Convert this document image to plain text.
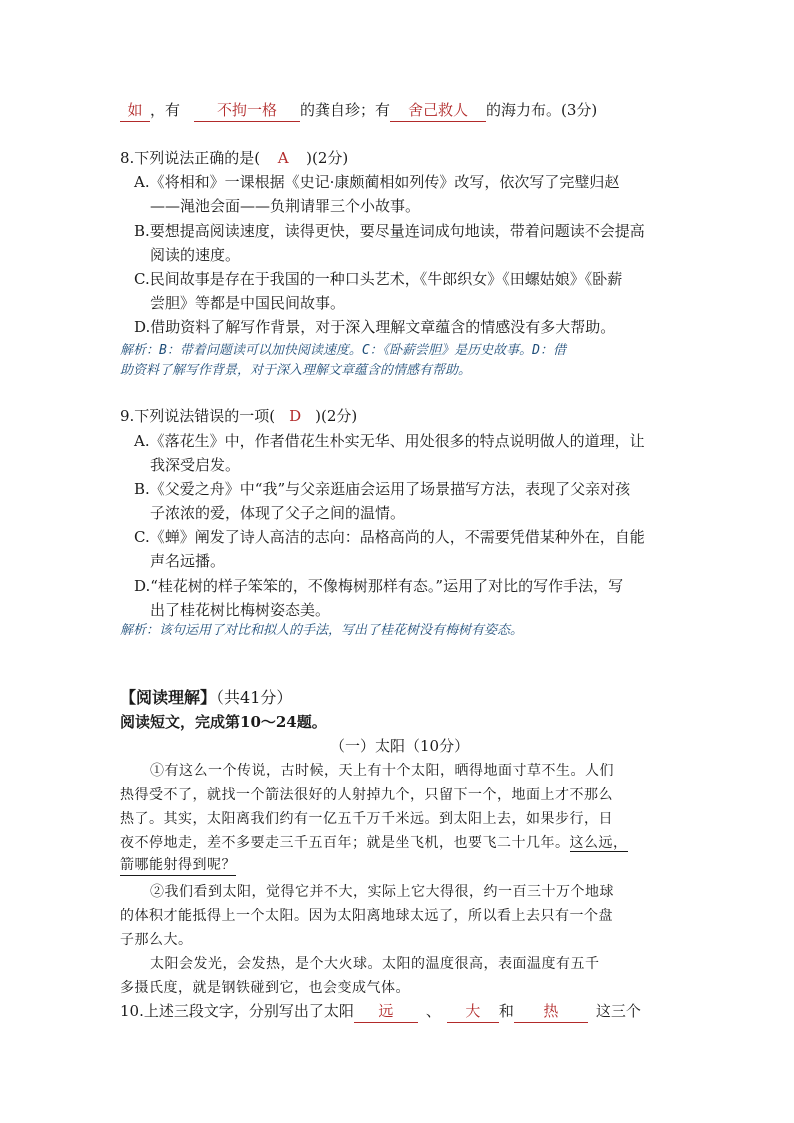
如 ，有 不拘一格 的龚自珍；有 舍己救人 的海力布。(3分)
8.下列说法正确的是( A )(2分)
A.《将相和》一课根据《史记·康颇蔺相如列传》改写，依次写了完璧归赵
——渑池会面——负荆请罪三个小故事。
B.要想提高阅读速度，读得更快，要尽量连词成句地读，带着问题读不会提高
阅读的速度。
C.民间故事是存在于我国的一种口头艺术，《牛郎织女》《田螺姑娘》《卧薪
尝胆》等都是中国民间故事。
D.借助资料了解写作背景，对于深入理解文章蕴含的情感没有多大帮助。
解析：B：带着问题读可以加快阅读速度。C：《卧薪尝胆》是历史故事。D：借
助资料了解写作背景，对于深入理解文章蕴含的情感有帮助。
9.下列说法错误的一项( D )(2分)
A.《落花生》中，作者借花生朴实无华、用处很多的特点说明做人的道理，让
我深受启发。
B.《父爱之舟》中“我”与父亲逛庙会运用了场景描写方法，表现了父亲对孩
子浓浓的爱，体现了父子之间的温情。
C.《蝉》阐发了诗人高洁的志向：品格高尚的人，不需要凭借某种外在，自能
声名远播。
D.“桂花树的样子笨笨的，不像梅树那样有态。”运用了对比的写作手法，写
出了桂花树比梅树姿态美。
解析：该句运用了对比和拟人的手法，写出了桂花树没有梅树有姿态。
【阅读理解】（共41分）
阅读短文，完成第10～24题。
（一）太阳（10分）
①有这么一个传说，古时候，天上有十个太阳，晒得地面寸草不生。人们
热得受不了，就找一个箭法很好的人射掉九个，只留下一个，地面上才不那么
热了。其实，太阳离我们约有一亿五千万千米远。到太阳上去，如果步行，日
夜不停地走，差不多要走三千五百年；就是坐飞机，也要飞二十几年。这么远，
箭哪能射得到呢？
②我们看到太阳，觉得它并不大，实际上它大得很，约一百三十万个地球
的体积才能抵得上一个太阳。因为太阳离地球太远了，所以看上去只有一个盘
子那么大。
太阳会发光，会发热，是个大火球。太阳的温度很高，表面温度有五千
多摄氏度，就是钢铁碰到它，也会变成气体。
10.上述三段文字，分别写出了太阳 远 、 大 和 热	这三个
